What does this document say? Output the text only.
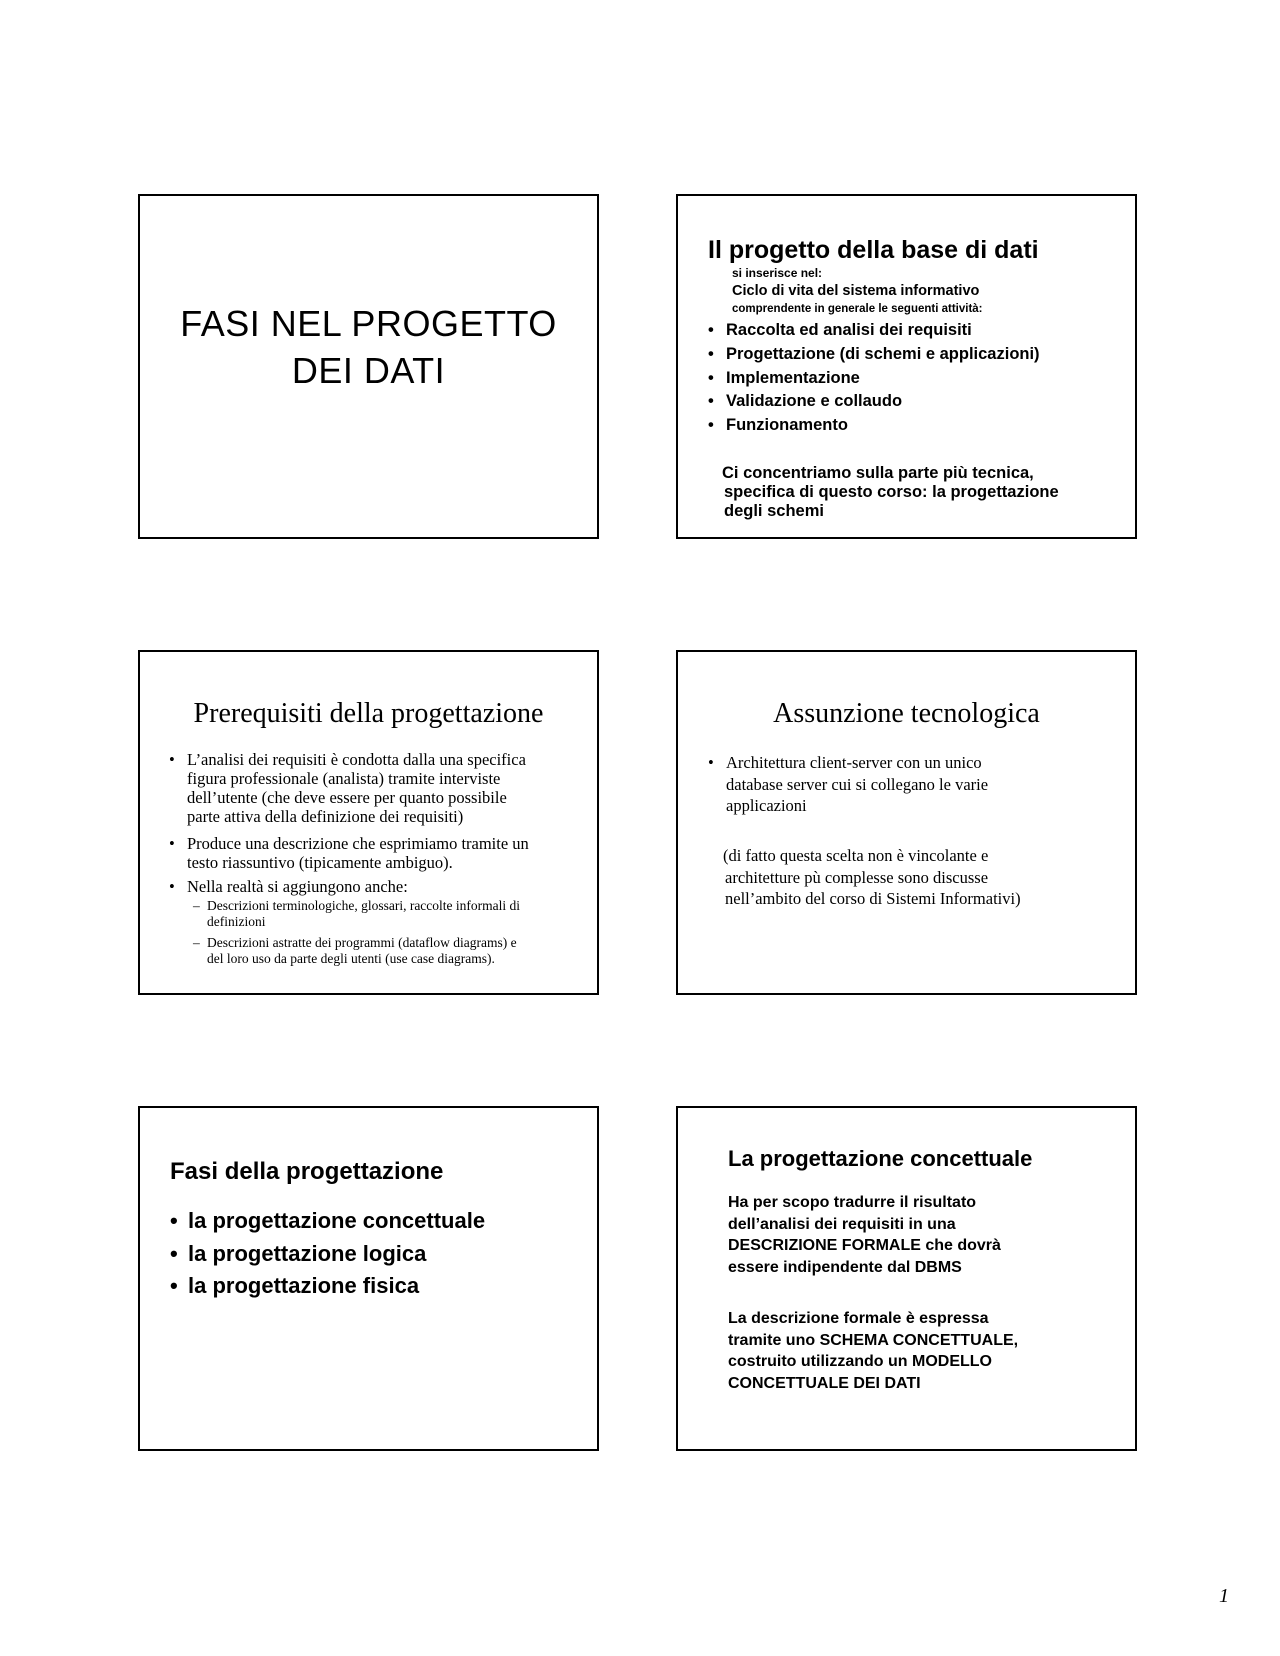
FASI NEL PROGETTO
DEI DATI
Il progetto della base di dati
si inserisce nel:
Ciclo di vita del sistema informativo
comprendente in generale le seguenti attività:
• Raccolta ed analisi dei requisiti
• Progettazione (di schemi e applicazioni)
• Implementazione
• Validazione e collaudo
• Funzionamento
Ci concentriamo sulla parte più tecnica,
specifica di questo corso: la progettazione
degli schemi
Prerequisiti della progettazione
• L’analisi dei requisiti è condotta dalla una specifica
figura professionale (analista) tramite interviste
dell’utente (che deve essere per quanto possibile
parte attiva della definizione dei requisiti)
• Produce una descrizione che esprimiamo tramite un
testo riassuntivo (tipicamente ambiguo).
• Nella realtà si aggiungono anche:
– Descrizioni terminologiche, glossari, raccolte informali di
definizioni
– Descrizioni astratte dei programmi (dataflow diagrams) e
del loro uso da parte degli utenti (use case diagrams).
Assunzione tecnologica
• Architettura client-server con un unico
database server cui si collegano le varie
applicazioni
(di fatto questa scelta non è vincolante e
architetture pù complesse sono discusse
nell’ambito del corso di Sistemi Informativi)
Fasi della progettazione
• la progettazione concettuale
• la progettazione logica
• la progettazione fisica
La progettazione concettuale
Ha per scopo tradurre il risultato
dell’analisi dei requisiti in una
DESCRIZIONE FORMALE che dovrà
essere indipendente dal DBMS
La descrizione formale è espressa
tramite uno SCHEMA CONCETTUALE,
costruito utilizzando un MODELLO
CONCETTUALE DEI DATI
1
